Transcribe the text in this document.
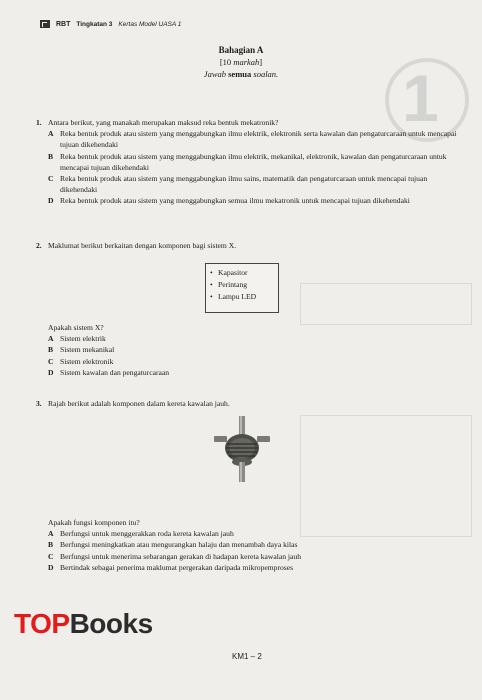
1
RBT Tingkatan 3 Kertas Model UASA 1
Bahagian A
[10 markah]
Jawab semua soalan.
1. Antara berikut, yang manakah merupakan maksud reka bentuk mekatronik?
A Reka bentuk produk atau sistem yang menggabungkan ilmu elektrik, elektronik serta kawalan dan pengaturcaraan untuk mencapai tujuan dikehendaki
B Reka bentuk produk atau sistem yang menggabungkan ilmu elektrik, mekanikal, elektronik, kawalan dan pengaturcaraan untuk mencapai tujuan dikehendaki
C Reka bentuk produk atau sistem yang menggabungkan ilmu sains, matematik dan pengaturcaraan untuk mencapai tujuan dikehendaki
D Reka bentuk produk atau sistem yang menggabungkan semua ilmu mekatronik untuk mencapai tujuan dikehendaki
2. Maklumat berikut berkaitan dengan komponen bagi sistem X.
• Kapasitor
• Perintang
• Lampu LED
Apakah sistem X?
A Sistem elektrik
B Sistem mekanikal
C Sistem elektronik
D Sistem kawalan dan pengaturcaraan
3. Rajah berikut adalah komponen dalam kereta kawalan jauh.
Apakah fungsi komponen itu?
A Berfungsi untuk menggerakkan roda kereta kawalan jauh
B Berfungsi meningkatkan atau mengurangkan halaju dan menambah daya kilas
C Berfungsi untuk menerima sebarangan gerakan di hadapan kereta kawalan jauh
D Bertindak sebagai penerima maklumat pergerakan daripada mikropemproses
TOPBooks
KM1 – 2
